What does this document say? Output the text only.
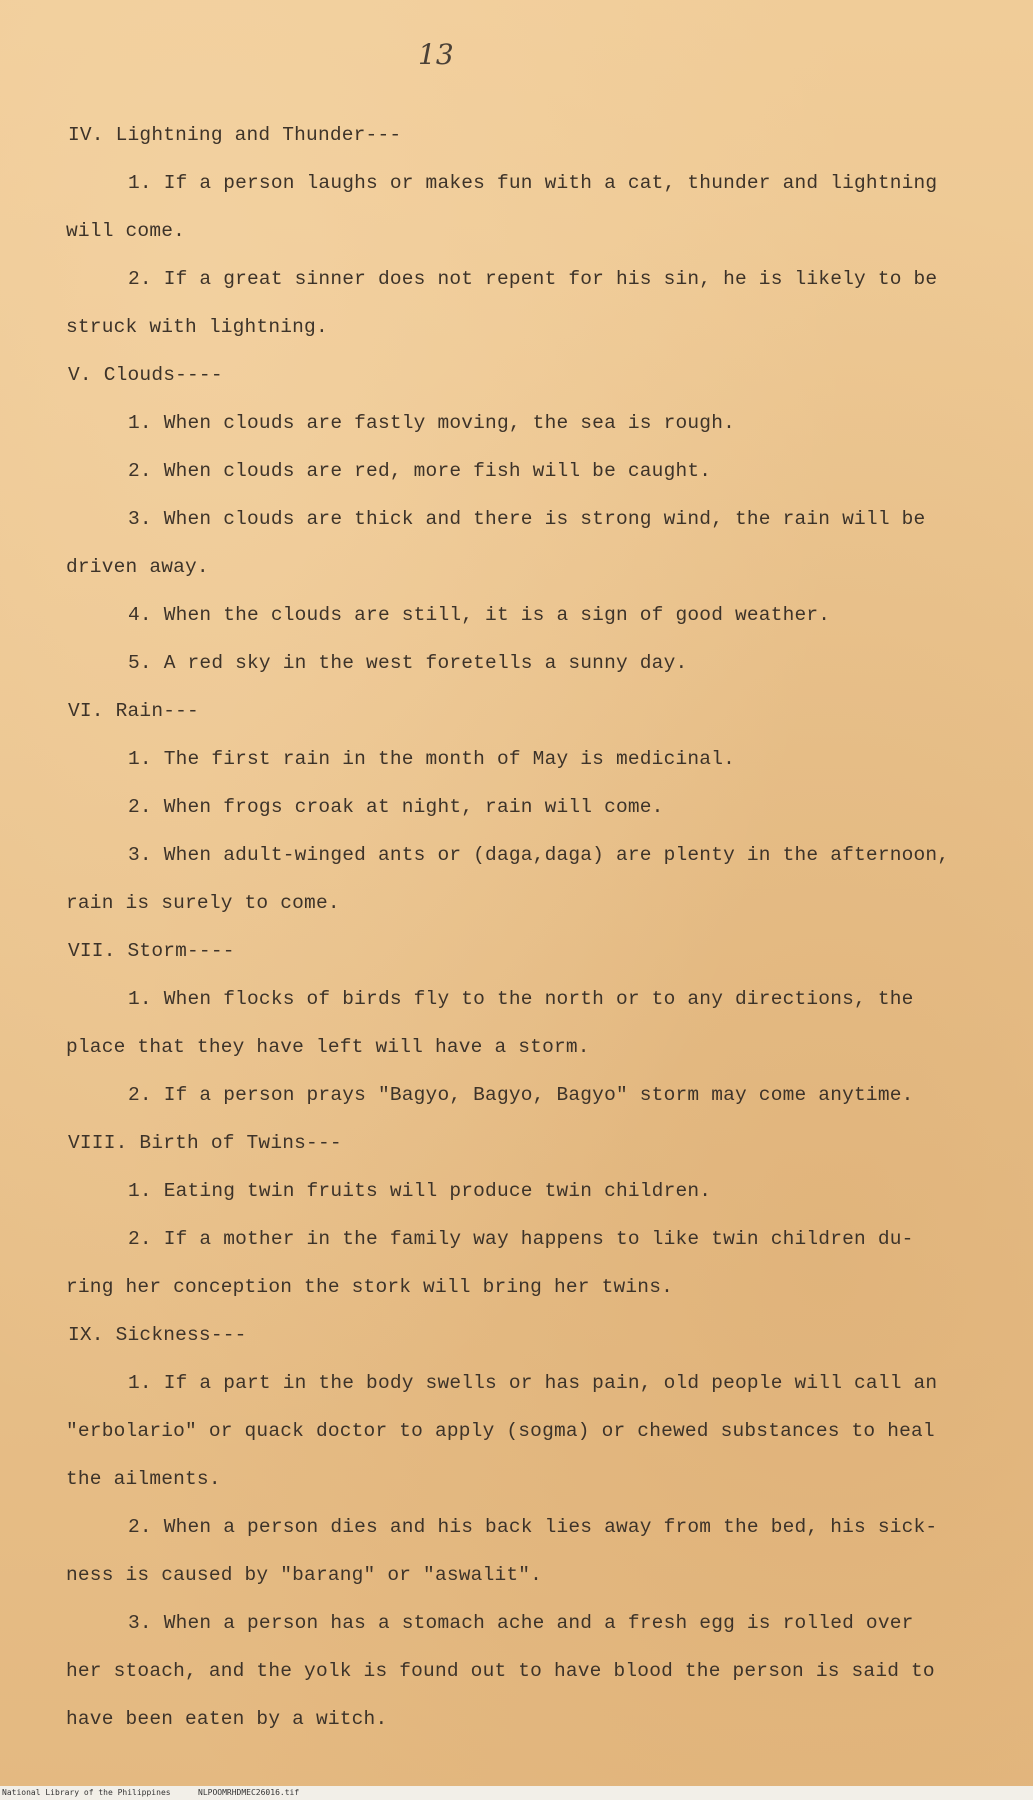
13
IV. Lightning and Thunder---
1. If a person laughs or makes fun with a cat, thunder and lightning
will come.
2. If a great sinner does not repent for his sin, he is likely to be
struck with lightning.
V. Clouds----
1. When clouds are fastly moving, the sea is rough.
2. When clouds are red, more fish will be caught.
3. When clouds are thick and there is strong wind, the rain will be
driven away.
4. When the clouds are still, it is a sign of good weather.
5. A red sky in the west foretells a sunny day.
VI. Rain---
1. The first rain in the month of May is medicinal.
2. When frogs croak at night, rain will come.
3. When adult-winged ants or (daga,daga) are plenty in the afternoon,
rain is surely to come.
VII. Storm----
1. When flocks of birds fly to the north or to any directions, the
place that they have left will have a storm.
2. If a person prays "Bagyo, Bagyo, Bagyo" storm may come anytime.
VIII. Birth of Twins---
1. Eating twin fruits will produce twin children.
2. If a mother in the family way happens to like twin children du-
ring her conception the stork will bring her twins.
IX. Sickness---
1. If a part in the body swells or has pain, old people will call an
"erbolario" or quack doctor to apply (sogma) or chewed substances to heal
the ailments.
2. When a person dies and his back lies away from the bed, his sick-
ness is caused by "barang" or "aswalit".
3. When a person has a stomach ache and a fresh egg is rolled over
her stoach, and the yolk is found out to have blood the person is said to
have been eaten by a witch.
National Library of the Philippines	NLPOOMRHDMEC26016.tif
